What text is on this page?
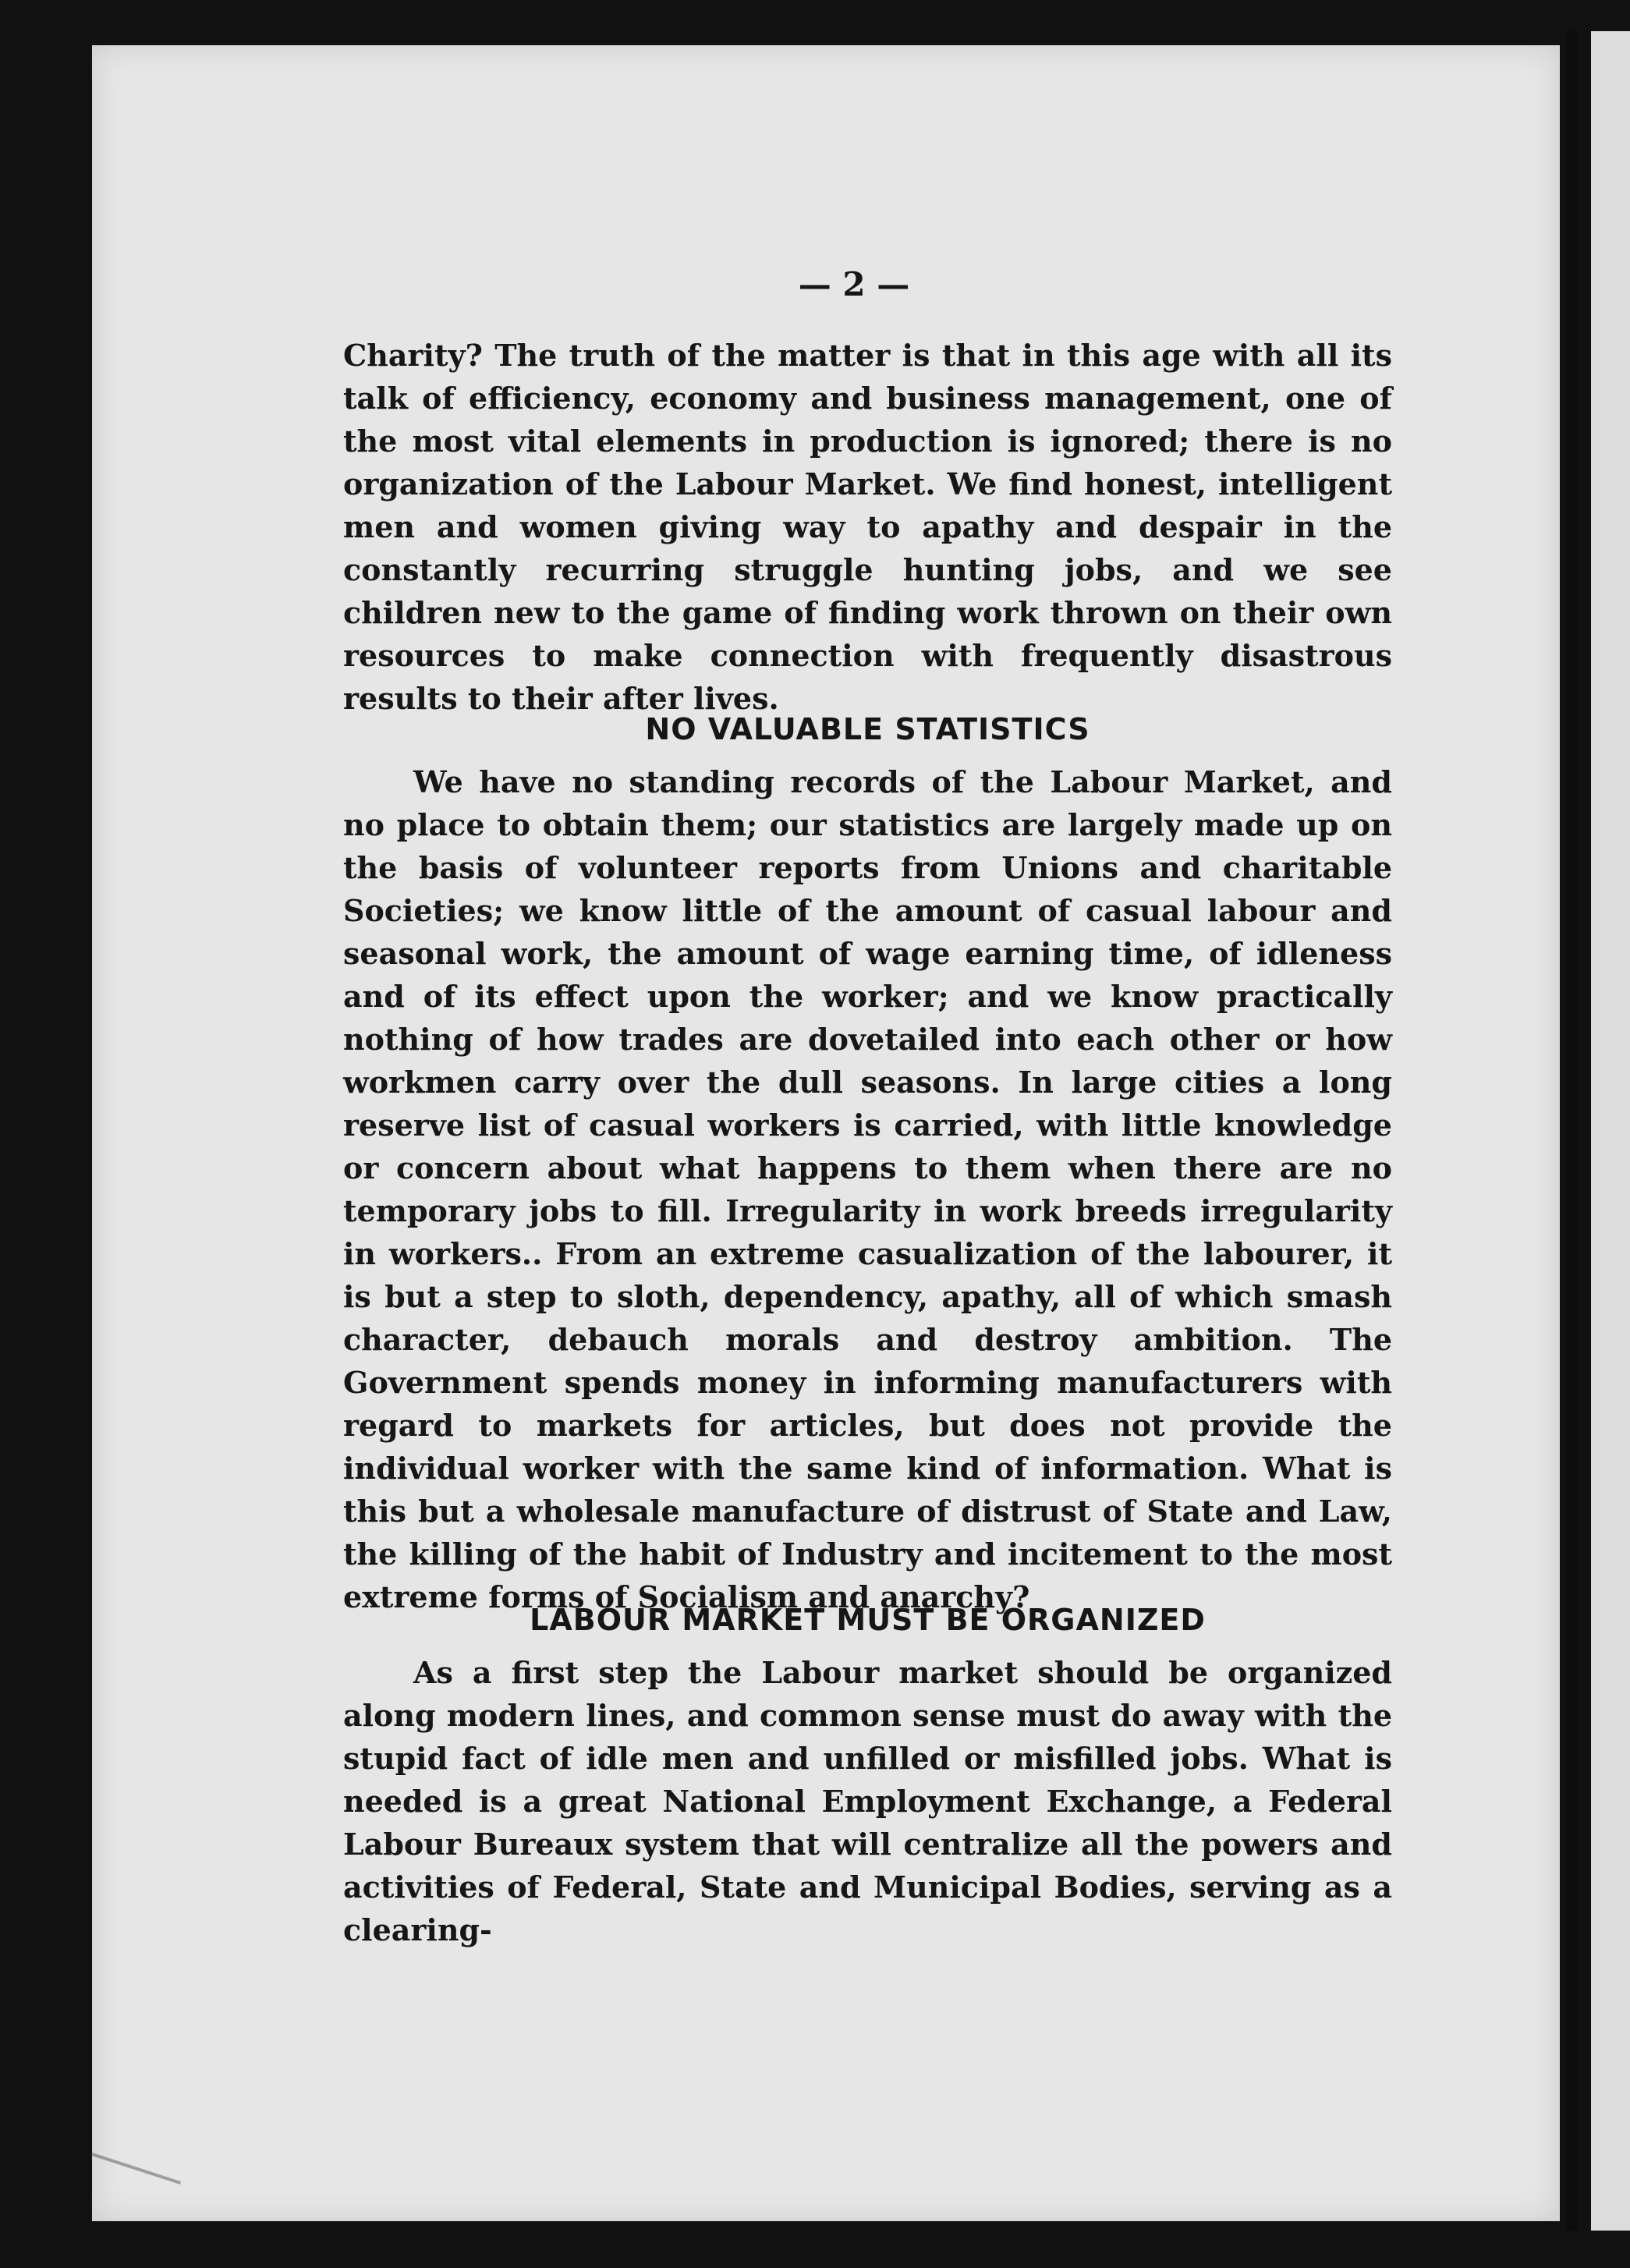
— 2 —

Charity? The truth of the matter is that in this age with all its talk of efficiency, economy and business management, one of the most vital elements in production is ignored; there is no organization of the Labour Market. We find honest, intelligent men and women giving way to apathy and despair in the constantly recurring struggle hunting jobs, and we see children new to the game of finding work thrown on their own resources to make connection with frequently disastrous results to their after lives.

NO VALUABLE STATISTICS

We have no standing records of the Labour Market, and no place to obtain them; our statistics are largely made up on the basis of volunteer reports from Unions and charitable Societies; we know little of the amount of casual labour and seasonal work, the amount of wage earning time, of idleness and of its effect upon the worker; and we know practically nothing of how trades are dovetailed into each other or how workmen carry over the dull seasons. In large cities a long reserve list of casual workers is carried, with little knowledge or concern about what happens to them when there are no temporary jobs to fill. Irregularity in work breeds irregularity in workers.. From an extreme casualization of the labourer, it is but a step to sloth, dependency, apathy, all of which smash character, debauch morals and destroy ambition. The Government spends money in informing manufacturers with regard to markets for articles, but does not provide the individual worker with the same kind of information. What is this but a wholesale manufacture of distrust of State and Law, the killing of the habit of Industry and incitement to the most extreme forms of Socialism and anarchy?

LABOUR MARKET MUST BE ORGANIZED

As a first step the Labour market should be organized along modern lines, and common sense must do away with the stupid fact of idle men and unfilled or misfilled jobs. What is needed is a great National Employment Exchange, a Federal Labour Bureaux system that will centralize all the powers and activities of Federal, State and Municipal Bodies, serving as a clearing-
